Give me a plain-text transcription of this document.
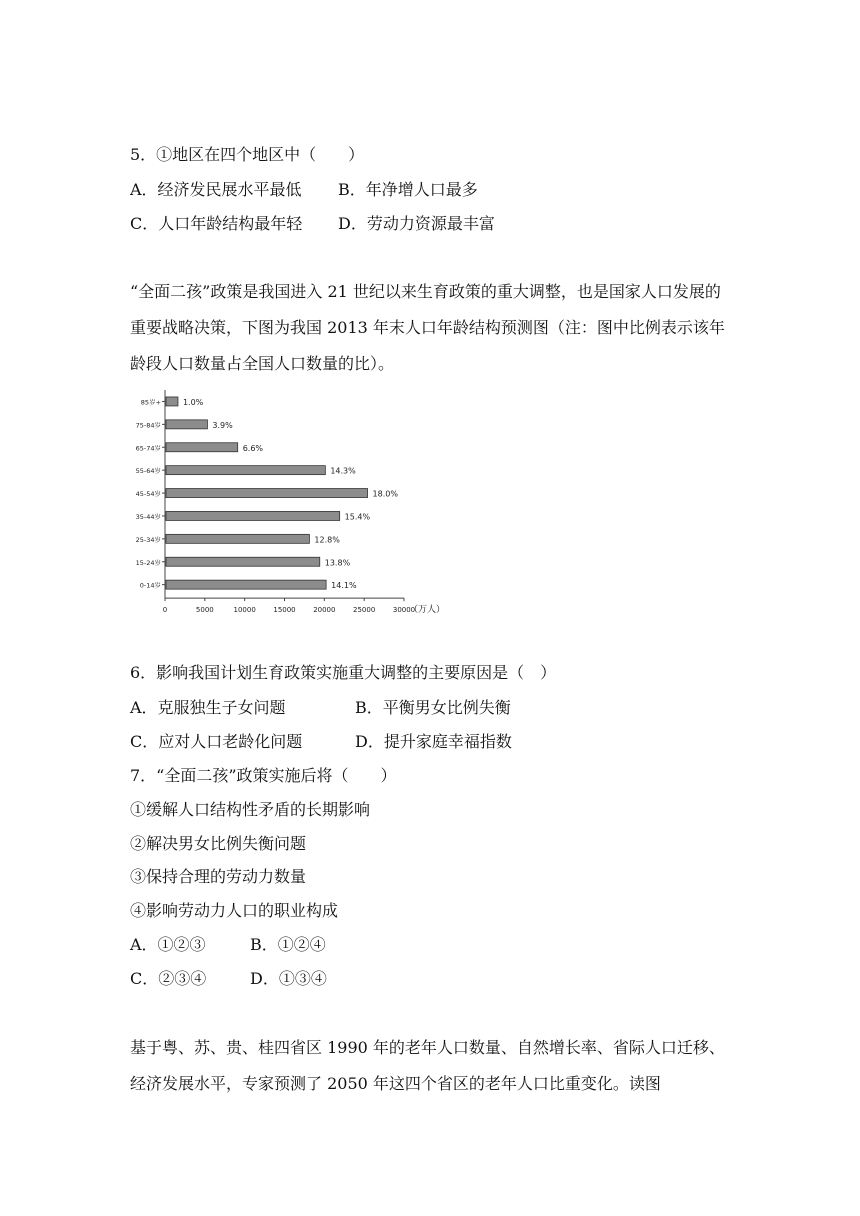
5．①地区在四个地区中（　　）
A．经济发民展水平最低 B．年净增人口最多
C．人口年龄结构最年轻 D．劳动力资源最丰富
“全面二孩”政策是我国进入 21 世纪以来生育政策的重大调整，也是国家人口发展的重要战略决策，下图为我国 2013 年末人口年龄结构预测图（注：图中比例表示该年龄段人口数量占全国人口数量的比）。
85岁+	1.0%
75-84岁	3.9%
65-74岁	6.6%
55-64岁	14.3%
45-54岁	18.0%
35-44岁	15.4%
25-34岁	12.8%
15-24岁	13.8%
0-14岁	14.1%
0	5000	10000	15000	20000	25000	30000
（万人）
6．影响我国计划生育政策实施重大调整的主要原因是（　）
A．克服独生子女问题	B．平衡男女比例失衡
C．应对人口老龄化问题	D．提升家庭幸福指数
7．“全面二孩”政策实施后将（　　）
①缓解人口结构性矛盾的长期影响
②解决男女比例失衡问题
③保持合理的劳动力数量
④影响劳动力人口的职业构成
A．①②③	B．①②④
C．②③④	D．①③④
基于粤、苏、贵、桂四省区 1990 年的老年人口数量、自然增长率、省际人口迁移、经济发展水平，专家预测了 2050 年这四个省区的老年人口比重变化。读图
